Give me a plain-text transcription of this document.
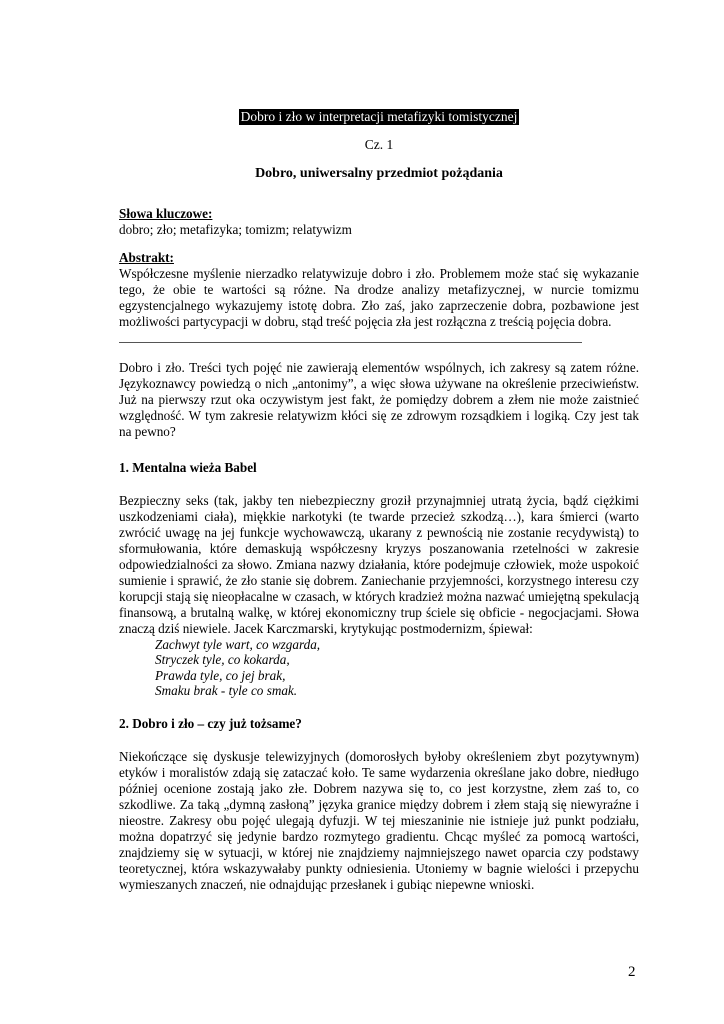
Dobro i zło w interpretacji metafizyki tomistycznej
Cz. 1
Dobro, uniwersalny przedmiot pożądania
Słowa kluczowe:
dobro; zło; metafizyka; tomizm; relatywizm
Abstrakt:

Współczesne myślenie nierzadko relatywizuje dobro i zło. Problemem może stać się wykazanie tego, że obie te wartości są różne. Na drodze analizy metafizycznej, w nurcie tomizmu egzystencjalnego wykazujemy istotę dobra. Zło zaś, jako zaprzeczenie dobra, pozbawione jest możliwości partycypacji w dobru, stąd treść pojęcia zła jest rozłączna z treścią pojęcia dobra.

Dobro i zło. Treści tych pojęć nie zawierają elementów wspólnych, ich zakresy są zatem różne. Językoznawcy powiedzą o nich „antonimy”, a więc słowa używane na określenie przeciwieństw. Już na pierwszy rzut oka oczywistym jest fakt, że pomiędzy dobrem a złem nie może zaistnieć względność. W tym zakresie relatywizm kłóci się ze zdrowym rozsądkiem i logiką. Czy jest tak na pewno?

1. Mentalna wieża Babel

Bezpieczny seks (tak, jakby ten niebezpieczny groził przynajmniej utratą życia, bądź ciężkimi uszkodzeniami ciała), miękkie narkotyki (te twarde przecież szkodzą…), kara śmierci (warto zwrócić uwagę na jej funkcje wychowawczą, ukarany z pewnością nie zostanie recydywistą) to sformułowania, które demaskują współczesny kryzys poszanowania rzetelności w zakresie odpowiedzialności za słowo. Zmiana nazwy działania, które podejmuje człowiek, może uspokoić sumienie i sprawić, że zło stanie się dobrem. Zaniechanie przyjemności, korzystnego interesu czy korupcji stają się nieopłacalne w czasach, w których kradzież można nazwać umiejętną spekulacją finansową, a brutalną walkę, w której ekonomiczny trup ściele się obficie - negocjacjami. Słowa znaczą dziś niewiele. Jacek Karczmarski, krytykując postmodernizm, śpiewał:

Zachwyt tyle wart, co wzgarda,
Stryczek tyle, co kokarda,
Prawda tyle, co jej brak,
Smaku brak - tyle co smak.
2. Dobro i zło – czy już tożsame?

Niekończące się dyskusje telewizyjnych (domorosłych byłoby określeniem zbyt pozytywnym) etyków i moralistów zdają się zataczać koło. Te same wydarzenia określane jako dobre, niedługo później ocenione zostają jako złe. Dobrem nazywa się to, co jest korzystne, złem zaś to, co szkodliwe. Za taką „dymną zasłoną” języka granice między dobrem i złem stają się niewyraźne i nieostre. Zakresy obu pojęć ulegają dyfuzji. W tej mieszaninie nie istnieje już punkt podziału, można dopatrzyć się jedynie bardzo rozmytego gradientu. Chcąc myśleć za pomocą wartości, znajdziemy się w sytuacji, w której nie znajdziemy najmniejszego nawet oparcia czy podstawy teoretycznej, która wskazywałaby punkty odniesienia. Utoniemy w bagnie wielości i przepychu wymieszanych znaczeń, nie odnajdując przesłanek i gubiąc niepewne wnioski.

2
